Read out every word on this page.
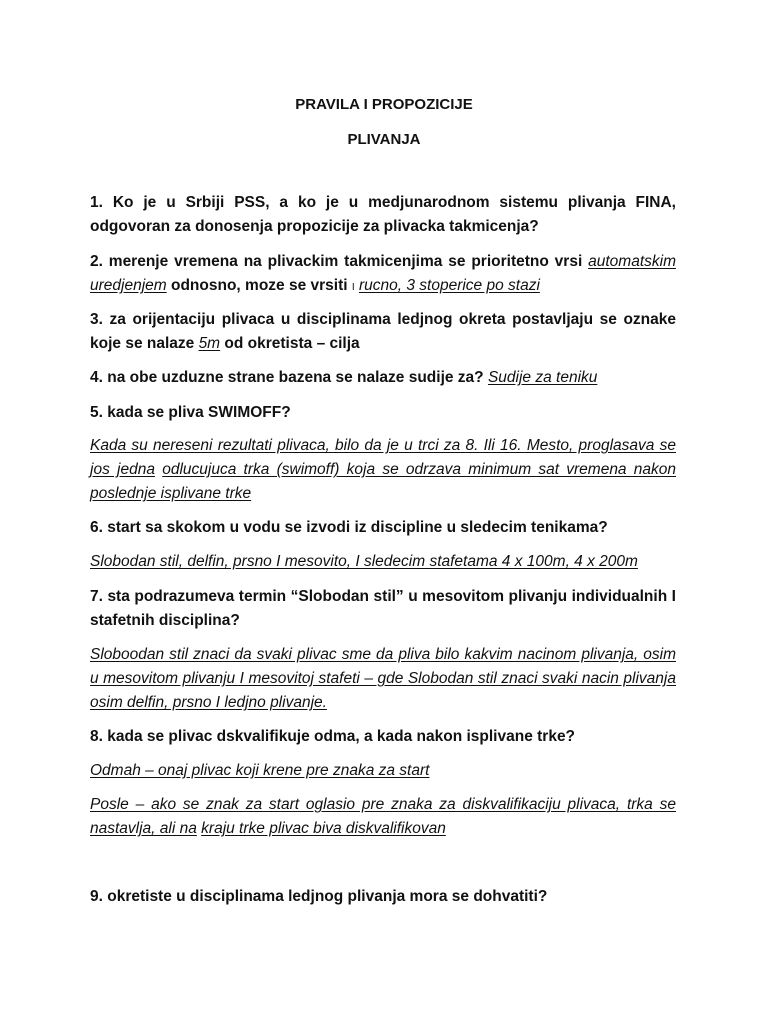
PRAVILA I PROPOZICIJE
PLIVANJA
1. Ko je u Srbiji PSS, a ko je u medjunarodnom sistemu plivanja FINA, odgovoran za donosenja propozicije za plivacka takmicenja?
2. merenje vremena na plivackim takmicenjima se prioritetno vrsi automatskim uredjenjem odnosno, moze se vrsiti I rucno, 3 stoperice po stazi
3. za orijentaciju plivaca u disciplinama ledjnog okreta postavljaju se oznake koje se nalaze 5m od okretista – cilja
4. na obe uzduzne strane bazena se nalaze sudije za? Sudije za teniku
5. kada se pliva SWIMOFF?
Kada su nereseni rezultati plivaca, bilo da je u trci za 8. Ili 16. Mesto, proglasava se jos jedna odlucujuca trka (swimoff) koja se odrzava minimum sat vremena nakon poslednje isplivane trke
6. start sa skokom u vodu se izvodi iz discipline u sledecim tenikama?
Slobodan stil, delfin, prsno I mesovito, I sledecim stafetama 4 x 100m, 4 x 200m
7. sta podrazumeva termin “Slobodan stil” u mesovitom plivanju individualnih I stafetnih disciplina?
Sloboodan stil znaci da svaki plivac sme da pliva bilo kakvim nacinom plivanja, osim u mesovitom plivanju I mesovitoj stafeti – gde Slobodan stil znaci svaki nacin plivanja osim delfin, prsno I ledjno plivanje.
8. kada se plivac dskvalifikuje odma, a kada nakon isplivane trke?
Odmah – onaj plivac koji krene pre znaka za start
Posle – ako se znak za start oglasio pre znaka za diskvalifikaciju plivaca, trka se nastavlja, ali na kraju trke plivac biva diskvalifikovan
9. okretiste u disciplinama ledjnog plivanja mora se dohvatiti?
